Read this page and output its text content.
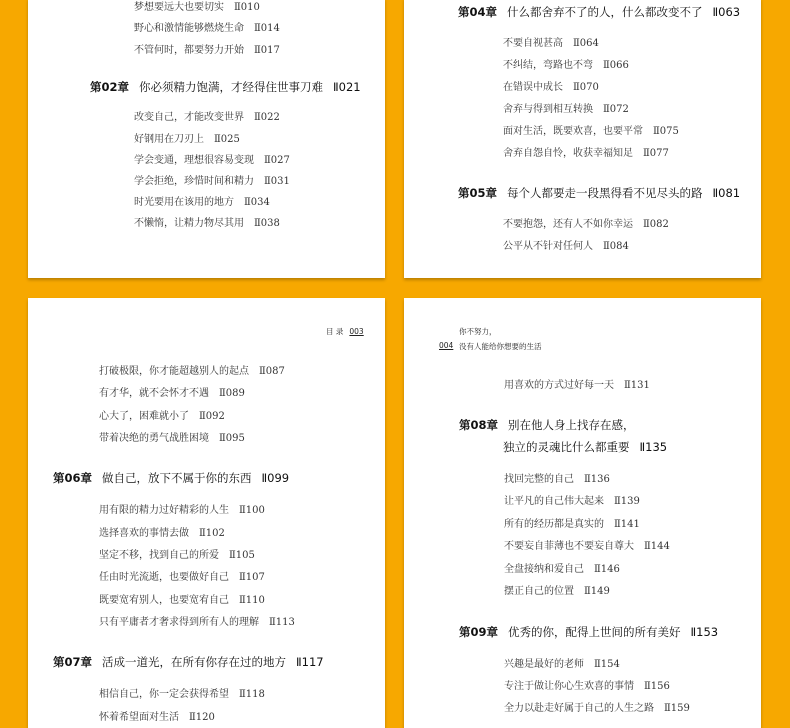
梦想要远大也要切实 Ⅱ010
野心和激情能够燃烧生命 Ⅱ014
不管何时，都要努力开始 Ⅱ017
第02章 你必须精力饱满，才经得住世事刀难 Ⅱ021
改变自己，才能改变世界 Ⅱ022
好钢用在刀刃上 Ⅱ025
学会变通，理想很容易变现 Ⅱ027
学会拒绝，珍惜时间和精力 Ⅱ031
时光要用在该用的地方 Ⅱ034
不懒惰，让精力物尽其用 Ⅱ038
第04章 什么都舍弃不了的人，什么都改变不了 Ⅱ063
不要自视甚高 Ⅱ064
不纠结，弯路也不弯 Ⅱ066
在错误中成长 Ⅱ070
舍弃与得到相互转换 Ⅱ072
面对生活，既要欢喜，也要平常 Ⅱ075
舍弃自怨自怜，收获幸福知足 Ⅱ077
第05章 每个人都要走一段黑得看不见尽头的路 Ⅱ081
不要抱怨，还有人不如你幸运 Ⅱ082
公平从不针对任何人 Ⅱ084
目 录 003
打破极限，你才能超越别人的起点 Ⅱ087
有才华，就不会怀才不遇 Ⅱ089
心大了，困难就小了 Ⅱ092
带着决绝的勇气战胜困境 Ⅱ095
第06章 做自己，放下不属于你的东西 Ⅱ099
用有限的精力过好精彩的人生 Ⅱ100
选择喜欢的事情去做 Ⅱ102
坚定不移，找到自己的所爱 Ⅱ105
任由时光流逝，也要做好自己 Ⅱ107
既要宽宥别人，也要宽宥自己 Ⅱ110
只有平庸者才奢求得到所有人的理解 Ⅱ113
第07章 活成一道光，在所有你存在过的地方 Ⅱ117
相信自己，你一定会获得希望 Ⅱ118
怀着希望面对生活 Ⅱ120
你不努力，
004 没有人能给你想要的生活
用喜欢的方式过好每一天 Ⅱ131
第08章 别在他人身上找存在感，
独立的灵魂比什么都重要 Ⅱ135
找回完整的自己 Ⅱ136
让平凡的自己伟大起来 Ⅱ139
所有的经历都是真实的 Ⅱ141
不要妄自菲薄也不要妄自尊大 Ⅱ144
全盘接纳和爱自己 Ⅱ146
摆正自己的位置 Ⅱ149
第09章 优秀的你，配得上世间的所有美好 Ⅱ153
兴趣是最好的老师 Ⅱ154
专注于做让你心生欢喜的事情 Ⅱ156
全力以赴走好属于自己的人生之路 Ⅱ159
